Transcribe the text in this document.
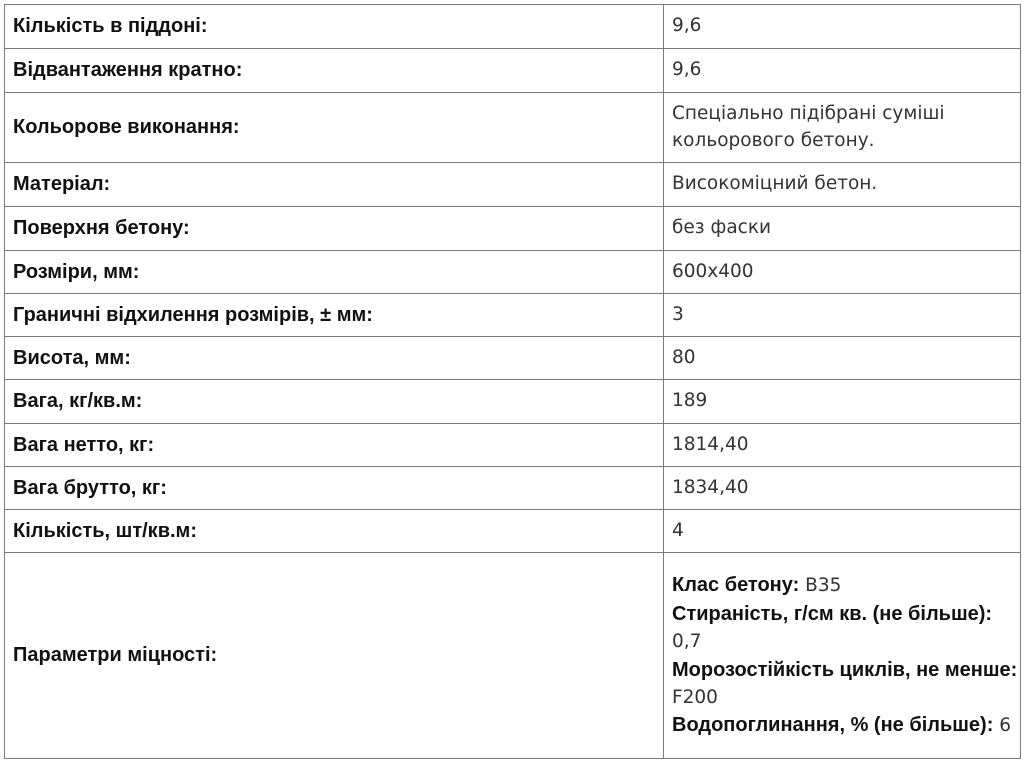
Кількість в піддоні:	9,6
Відвантаження кратно:	9,6
Кольорове виконання:	Спеціально підібрані суміші кольорового бетону.
Матеріал:	Високоміцний бетон.
Поверхня бетону:	без фаски
Розміри, мм:	600х400
Граничні відхилення розмірів, ± мм:	3
Висота, мм:	80
Вага, кг/кв.м:	189
Вага нетто, кг:	1814,40
Вага брутто, кг:	1834,40
Кількість, шт/кв.м:	4
Параметри міцності:	Клас бетону: B35
Стираність, г/см кв. (не більше): 0,7
Морозостійкість циклів, не менше: F200
Водопоглинання, % (не більше): 6
